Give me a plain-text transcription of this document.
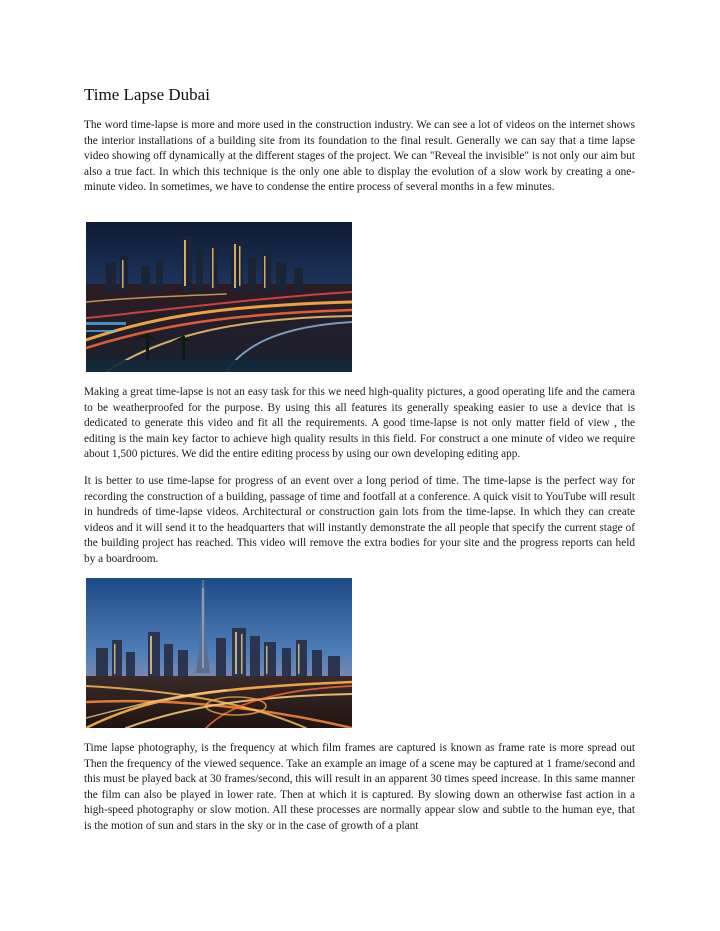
Time Lapse Dubai

The word time-lapse is more and more used in the construction industry. We can see a lot of videos on the internet shows the interior installations of a building site from its foundation to the final result. Generally we can say that a time lapse video showing off dynamically at the different stages of the project. We can "Reveal the invisible" is not only our aim but also a true fact. In which this technique is the only one able to display the evolution of a slow work by creating a one-minute video. In sometimes, we have to condense the entire process of several months in a few minutes.

Making a great time-lapse is not an easy task for this we need high-quality pictures, a good operating life and the camera to be weatherproofed for the purpose. By using this all features its generally speaking easier to use a device that is dedicated to generate this video and fit all the requirements. A good time-lapse is not only matter field of view , the editing is the main key factor to achieve high quality results in this field. For construct a one minute of video we require about 1,500 pictures. We did the entire editing process by using our own developing editing app.

It is better to use time-lapse for progress of an event over a long period of time. The time-lapse is the perfect way for recording the construction of a building, passage of time and footfall at a conference. A quick visit to YouTube will result in hundreds of time-lapse videos. Architectural or construction gain lots from the time-lapse. In which they can create videos and it will send it to the headquarters that will instantly demonstrate the all people that specify the current stage of the building project has reached. This video will remove the extra bodies for your site and the progress reports can held by a boardroom.

Time lapse photography, is the frequency at which film frames are captured is known as frame rate is more spread out Then the frequency of the viewed sequence. Take an example an image of a scene may be captured at 1 frame/second and this must be played back at 30 frames/second, this will result in an apparent 30 times speed increase. In this same manner the film can also be played in lower rate. Then at which it is captured. By slowing down an otherwise fast action in a high-speed photography or slow motion. All these processes are normally appear slow and subtle to the human eye, that is the motion of sun and stars in the sky or in the case of growth of a plant
